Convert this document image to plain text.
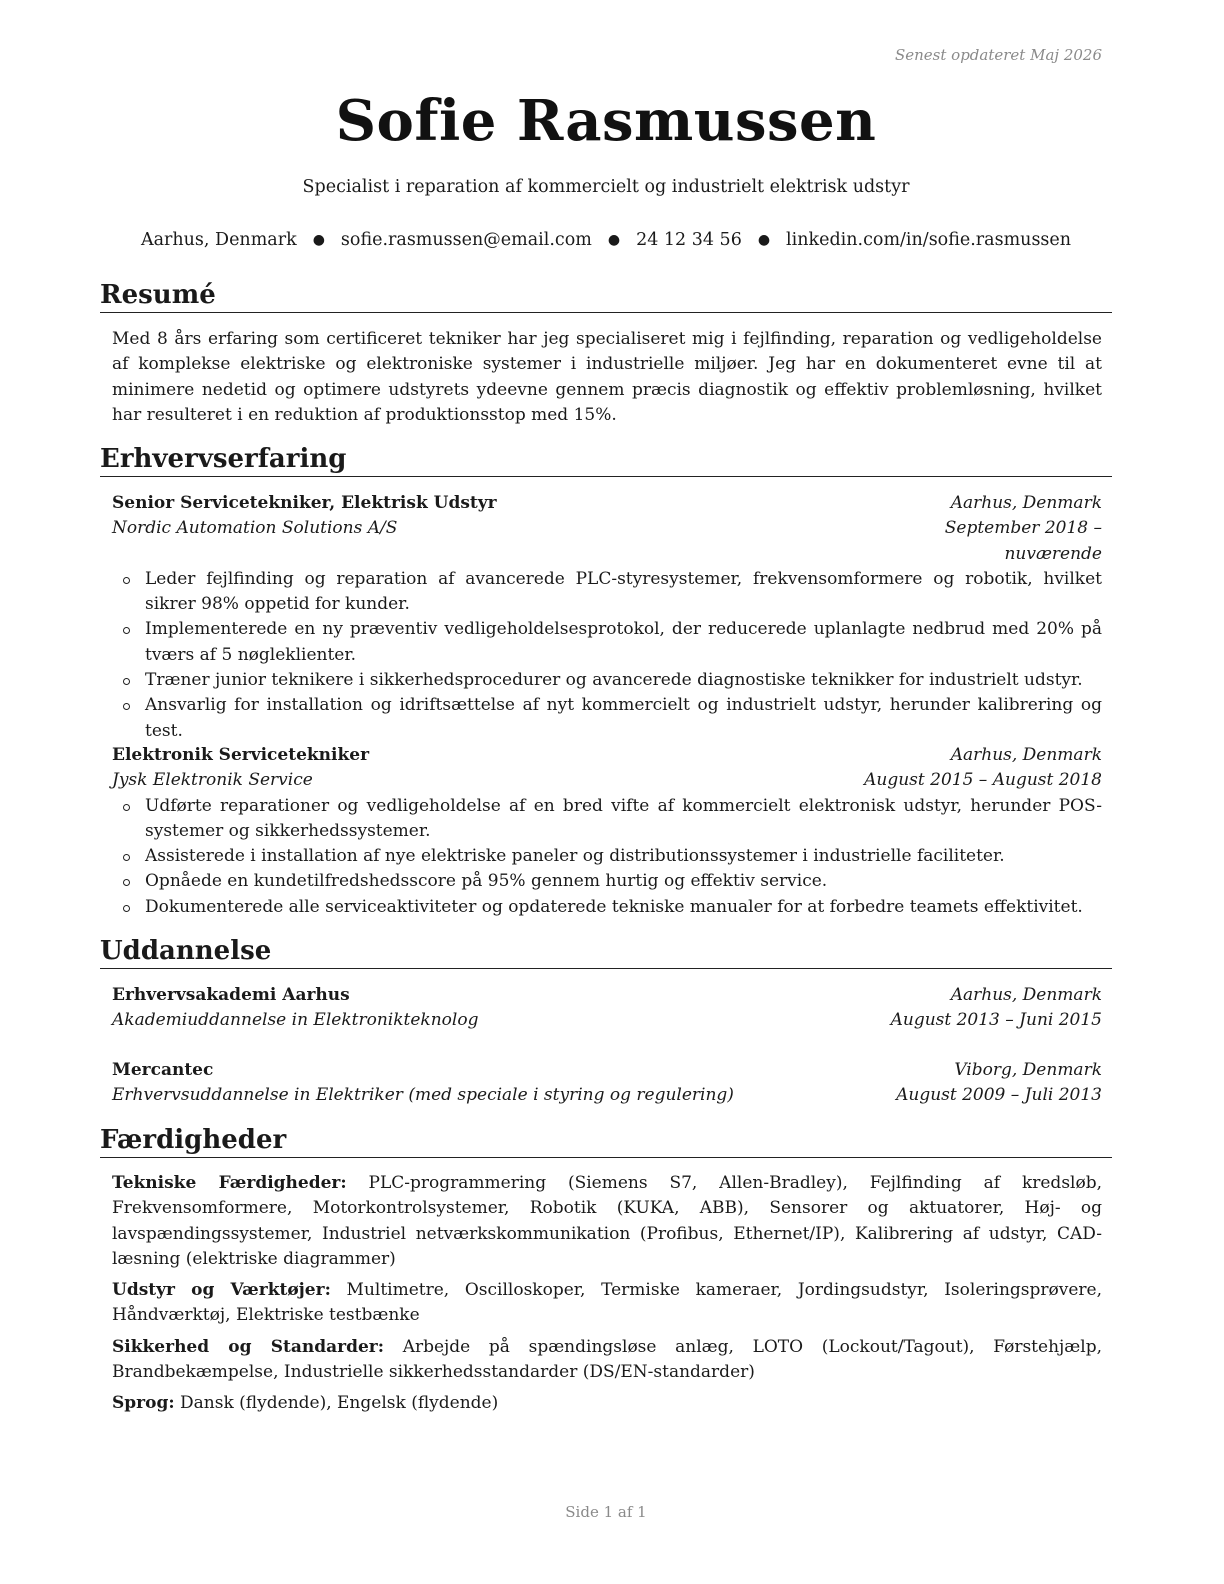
Senest opdateret Maj 2026
Sofie Rasmussen
Specialist i reparation af kommercielt og industrielt elektrisk udstyr
Aarhus, Denmark ● sofie.rasmussen@email.com ● 24 12 34 56 ● linkedin.com/in/sofie.rasmussen
Resumé
Med 8 års erfaring som certificeret tekniker har jeg specialiseret mig i fejlfinding, reparation og vedligeholdelse af komplekse elektriske og elektroniske systemer i industrielle miljøer. Jeg har en dokumenteret evne til at minimere nedetid og optimere udstyrets ydeevne gennem præcis diagnostik og effektiv problemløsning, hvilket har resulteret i en reduktion af produktionsstop med 15%.
Erhvervserfaring
Senior Servicetekniker, Elektrisk Udstyr	Aarhus, Denmark
Nordic Automation Solutions A/S	September 2018 – nuværende
Leder fejlfinding og reparation af avancerede PLC-styresystemer, frekvensomformere og robotik, hvilket sikrer 98% oppetid for kunder.
Implementerede en ny præventiv vedligeholdelsesprotokol, der reducerede uplanlagte nedbrud med 20% på tværs af 5 nøgleklienter.
Træner junior teknikere i sikkerhedsprocedurer og avancerede diagnostiske teknikker for industrielt udstyr.
Ansvarlig for installation og idriftsættelse af nyt kommercielt og industrielt udstyr, herunder kalibrering og test.
Elektronik Servicetekniker	Aarhus, Denmark
Jysk Elektronik Service	August 2015 – August 2018
Udførte reparationer og vedligeholdelse af en bred vifte af kommercielt elektronisk udstyr, herunder POS-systemer og sikkerhedssystemer.
Assisterede i installation af nye elektriske paneler og distributionssystemer i industrielle faciliteter.
Opnåede en kundetilfredshedsscore på 95% gennem hurtig og effektiv service.
Dokumenterede alle serviceaktiviteter og opdaterede tekniske manualer for at forbedre teamets effektivitet.
Uddannelse
Erhvervsakademi Aarhus	Aarhus, Denmark
Akademiuddannelse in Elektronikteknolog	August 2013 – Juni 2015
Mercantec	Viborg, Denmark
Erhvervsuddannelse in Elektriker (med speciale i styring og regulering)	August 2009 – Juli 2013
Færdigheder
Tekniske Færdigheder: PLC-programmering (Siemens S7, Allen-Bradley), Fejlfinding af kredsløb, Frekvensomformere, Motorkontrolsystemer, Robotik (KUKA, ABB), Sensorer og aktuatorer, Høj- og lavspændingssystemer, Industriel netværkskommunikation (Profibus, Ethernet/IP), Kalibrering af udstyr, CAD-læsning (elektriske diagrammer)
Udstyr og Værktøjer: Multimetre, Oscilloskoper, Termiske kameraer, Jordingsudstyr, Isoleringsprøvere, Håndværktøj, Elektriske testbænke
Sikkerhed og Standarder: Arbejde på spændingsløse anlæg, LOTO (Lockout/Tagout), Førstehjælp, Brandbekæmpelse, Industrielle sikkerhedsstandarder (DS/EN-standarder)
Sprog: Dansk (flydende), Engelsk (flydende)
Side 1 af 1
